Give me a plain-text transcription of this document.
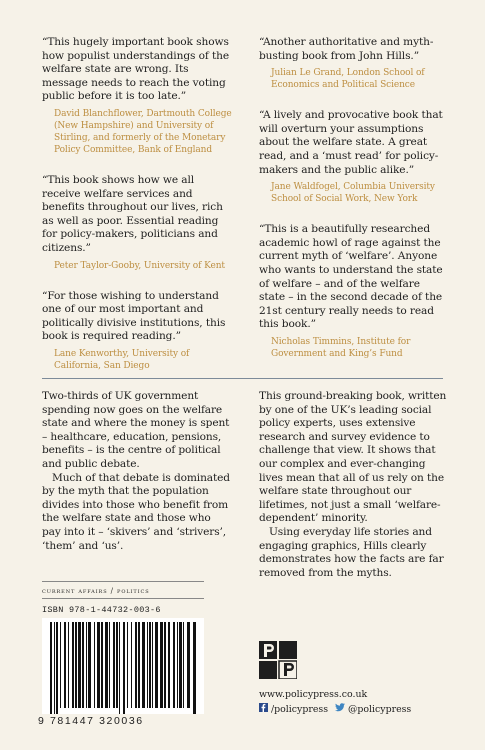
“This hugely important book shows how populist understandings of the welfare state are wrong. Its message needs to reach the voting public before it is too late.”

David Blanchflower, Dartmouth College (New Hampshire) and University of Stirling, and formerly of the Monetary Policy Committee, Bank of England

“This book shows how we all receive welfare services and benefits throughout our lives, rich as well as poor. Essential reading for policy-makers, politicians and citizens.”

Peter Taylor-Gooby, University of Kent

“For those wishing to understand one of our most important and politically divisive institutions, this book is required reading.”

Lane Kenworthy, University of California, San Diego

“Another authoritative and myth-busting book from John Hills.”

Julian Le Grand, London School of Economics and Political Science

“A lively and provocative book that will overturn your assumptions about the welfare state. A great read, and a ‘must read’ for policy-makers and the public alike.”

Jane Waldfogel, Columbia University School of Social Work, New York

“This is a beautifully researched academic howl of rage against the current myth of ‘welfare’. Anyone who wants to understand the state of welfare – and of the welfare state – in the second decade of the 21st century really needs to read this book.”

Nicholas Timmins, Institute for Government and King’s Fund

Two-thirds of UK government spending now goes on the welfare state and where the money is spent – healthcare, education, pensions, benefits – is the centre of political and public debate.

Much of that debate is dominated by the myth that the population divides into those who benefit from the welfare state and those who pay into it – ‘skivers’ and ‘strivers’, ‘them’ and ‘us’.

This ground-breaking book, written by one of the UK’s leading social policy experts, uses extensive research and survey evidence to challenge that view. It shows that our complex and ever-changing lives mean that all of us rely on the welfare state throughout our lifetimes, not just a small ‘welfare-dependent’ minority.

Using everyday life stories and engaging graphics, Hills clearly demonstrates how the facts are far removed from the myths.

current affairs / politics
ISBN 978-1-44732-003-6
9 781447 320036
www.policypress.co.uk
/policypress @policypress
